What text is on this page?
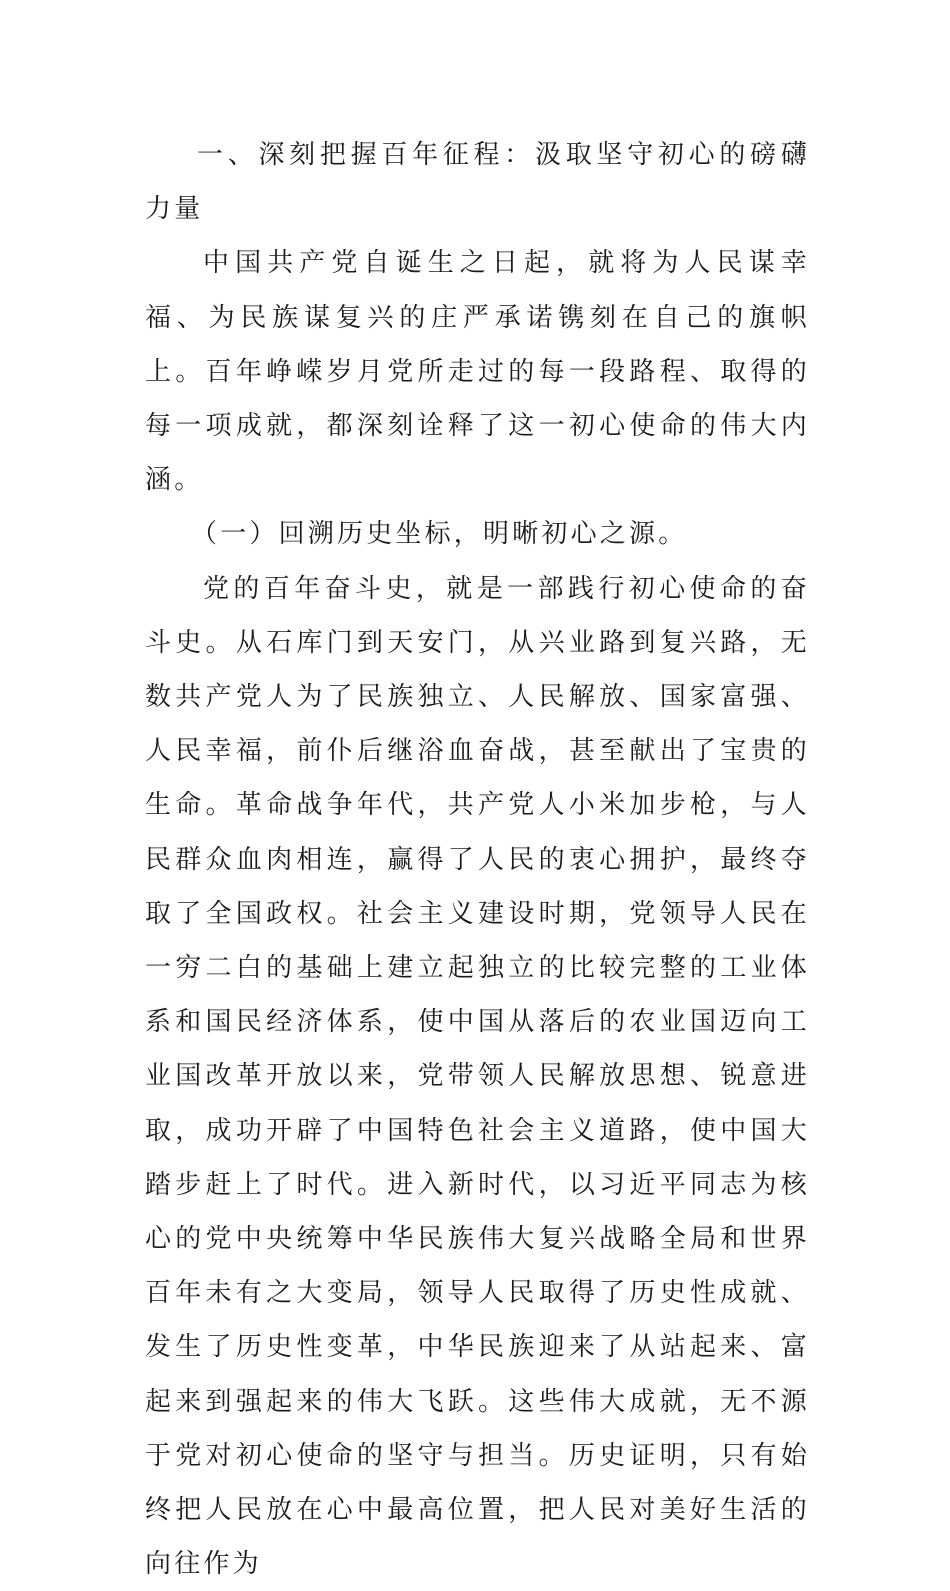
一、深刻把握百年征程：汲取坚守初心的磅礴力量

中国共产党自诞生之日起，就将为人民谋幸福、为民族谋复兴的庄严承诺镌刻在自己的旗帜上。百年峥嵘岁月党所走过的每一段路程、取得的每一项成就，都深刻诠释了这一初心使命的伟大内涵。

（一）回溯历史坐标，明晰初心之源。

党的百年奋斗史，就是一部践行初心使命的奋斗史。从石库门到天安门，从兴业路到复兴路，无数共产党人为了民族独立、人民解放、国家富强、人民幸福，前仆后继浴血奋战，甚至献出了宝贵的生命。革命战争年代，共产党人小米加步枪，与人民群众血肉相连，赢得了人民的衷心拥护，最终夺取了全国政权。社会主义建设时期，党领导人民在一穷二白的基础上建立起独立的比较完整的工业体系和国民经济体系，使中国从落后的农业国迈向工业国改革开放以来，党带领人民解放思想、锐意进取，成功开辟了中国特色社会主义道路，使中国大踏步赶上了时代。进入新时代，以习近平同志为核心的党中央统筹中华民族伟大复兴战略全局和世界百年未有之大变局，领导人民取得了历史性成就、发生了历史性变革，中华民族迎来了从站起来、富起来到强起来的伟大飞跃。这些伟大成就，无不源于党对初心使命的坚守与担当。历史证明，只有始终把人民放在心中最高位置，把人民对美好生活的向往作为
